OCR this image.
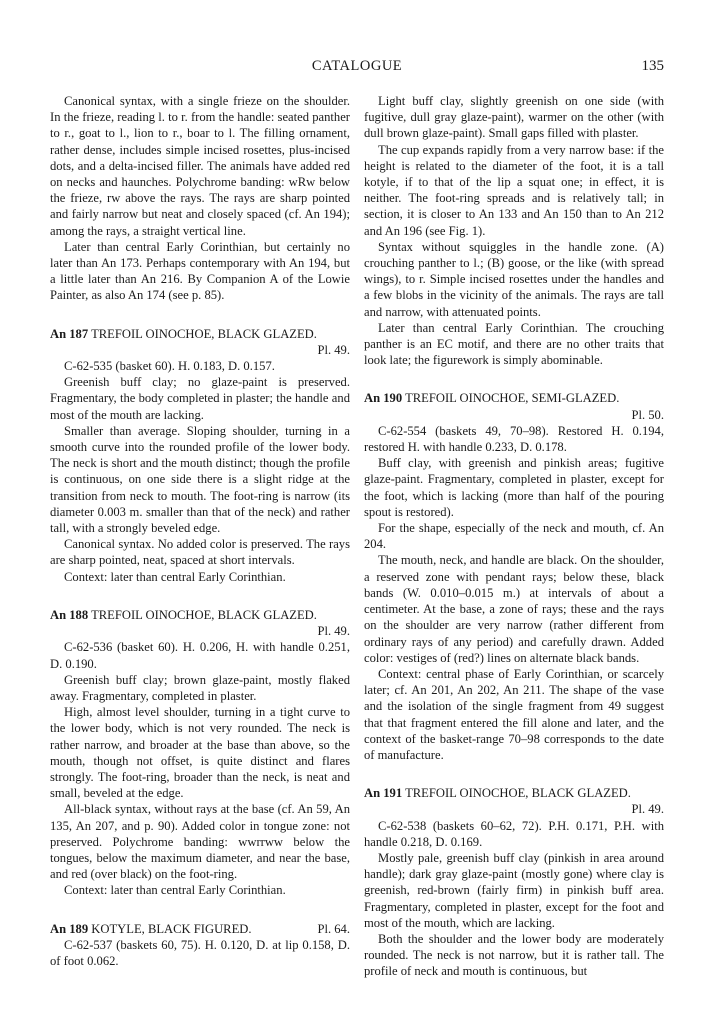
CATALOGUE	135

Canonical syntax, with a single frieze on the shoulder. In the frieze, reading l. to r. from the handle: seated panther to r., goat to l., lion to r., boar to l. The filling ornament, rather dense, includes simple incised rosettes, plus-incised dots, and a delta-incised filler. The animals have added red on necks and haunches. Polychrome banding: wRw below the frieze, rw above the rays. The rays are sharp pointed and fairly narrow but neat and closely spaced (cf. An 194); among the rays, a straight vertical line.

Later than central Early Corinthian, but certainly no later than An 173. Perhaps contemporary with An 194, but a little later than An 216. By Companion A of the Lowie Painter, as also An 174 (see p. 85).

An 187 TREFOIL OINOCHOE, BLACK GLAZED.
Pl. 49.

C-62-535 (basket 60). H. 0.183, D. 0.157.

Greenish buff clay; no glaze-paint is preserved. Fragmentary, the body completed in plaster; the handle and most of the mouth are lacking.

Smaller than average. Sloping shoulder, turning in a smooth curve into the rounded profile of the lower body. The neck is short and the mouth distinct; though the profile is continuous, on one side there is a slight ridge at the transition from neck to mouth. The foot-ring is narrow (its diameter 0.003 m. smaller than that of the neck) and rather tall, with a strongly beveled edge.

Canonical syntax. No added color is preserved. The rays are sharp pointed, neat, spaced at short intervals.

Context: later than central Early Corinthian.

An 188 TREFOIL OINOCHOE, BLACK GLAZED.
Pl. 49.

C-62-536 (basket 60). H. 0.206, H. with handle 0.251, D. 0.190.

Greenish buff clay; brown glaze-paint, mostly flaked away. Fragmentary, completed in plaster.

High, almost level shoulder, turning in a tight curve to the lower body, which is not very rounded. The neck is rather narrow, and broader at the base than above, so the mouth, though not offset, is quite distinct and flares strongly. The foot-ring, broader than the neck, is neat and small, beveled at the edge.

All-black syntax, without rays at the base (cf. An 59, An 135, An 207, and p. 90). Added color in tongue zone: not preserved. Polychrome banding: wwrrww below the tongues, below the maximum diameter, and near the base, and red (over black) on the foot-ring.

Context: later than central Early Corinthian.

An 189 KOTYLE, BLACK FIGURED.	Pl. 64.

C-62-537 (baskets 60, 75). H. 0.120, D. at lip 0.158, D. of foot 0.062.

Light buff clay, slightly greenish on one side (with fugitive, dull gray glaze-paint), warmer on the other (with dull brown glaze-paint). Small gaps filled with plaster.

The cup expands rapidly from a very narrow base: if the height is related to the diameter of the foot, it is a tall kotyle, if to that of the lip a squat one; in effect, it is neither. The foot-ring spreads and is relatively tall; in section, it is closer to An 133 and An 150 than to An 212 and An 196 (see Fig. 1).

Syntax without squiggles in the handle zone. (A) crouching panther to l.; (B) goose, or the like (with spread wings), to r. Simple incised rosettes under the handles and a few blobs in the vicinity of the animals. The rays are tall and narrow, with attenuated points.

Later than central Early Corinthian. The crouching panther is an EC motif, and there are no other traits that look late; the figurework is simply abominable.

An 190 TREFOIL OINOCHOE, SEMI-GLAZED.
Pl. 50.

C-62-554 (baskets 49, 70–98). Restored H. 0.194, restored H. with handle 0.233, D. 0.178.

Buff clay, with greenish and pinkish areas; fugitive glaze-paint. Fragmentary, completed in plaster, except for the foot, which is lacking (more than half of the pouring spout is restored).

For the shape, especially of the neck and mouth, cf. An 204.

The mouth, neck, and handle are black. On the shoulder, a reserved zone with pendant rays; below these, black bands (W. 0.010–0.015 m.) at intervals of about a centimeter. At the base, a zone of rays; these and the rays on the shoulder are very narrow (rather different from ordinary rays of any period) and carefully drawn. Added color: vestiges of (red?) lines on alternate black bands.

Context: central phase of Early Corinthian, or scarcely later; cf. An 201, An 202, An 211. The shape of the vase and the isolation of the single fragment from 49 suggest that that fragment entered the fill alone and later, and the context of the basket-range 70–98 corresponds to the date of manufacture.

An 191 TREFOIL OINOCHOE, BLACK GLAZED.
Pl. 49.

C-62-538 (baskets 60–62, 72). P.H. 0.171, P.H. with handle 0.218, D. 0.169.

Mostly pale, greenish buff clay (pinkish in area around handle); dark gray glaze-paint (mostly gone) where clay is greenish, red-brown (fairly firm) in pinkish buff area. Fragmentary, completed in plaster, except for the foot and most of the mouth, which are lacking.

Both the shoulder and the lower body are moderately rounded. The neck is not narrow, but it is rather tall. The profile of neck and mouth is continuous, but
